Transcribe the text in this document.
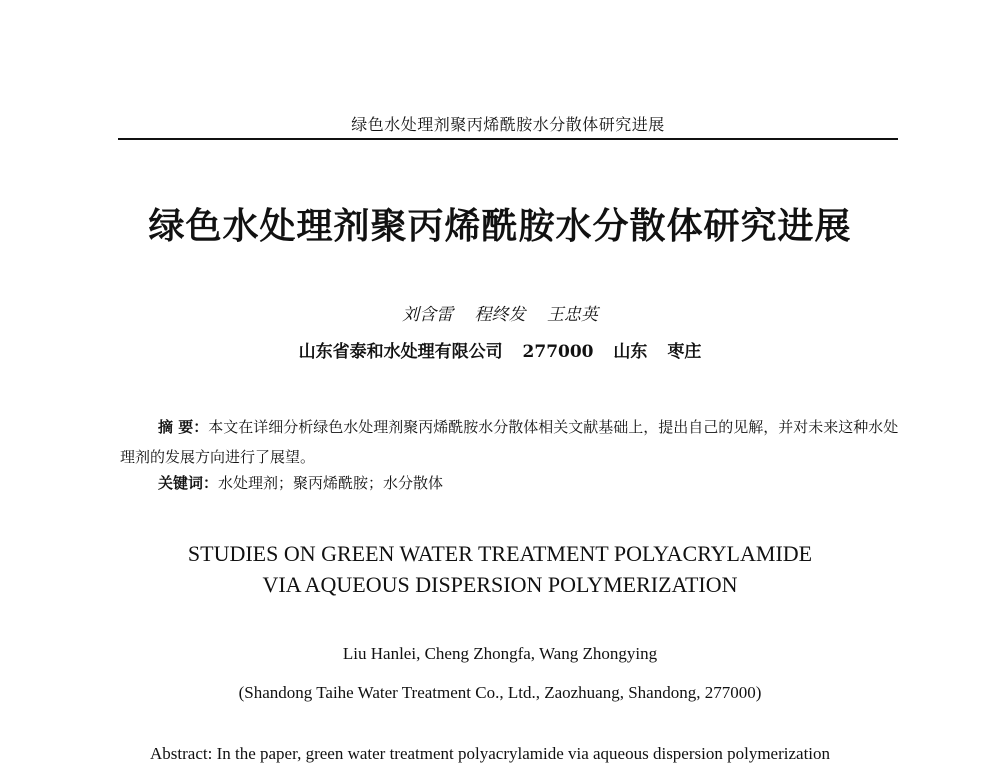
绿色水处理剂聚丙烯酰胺水分散体研究进展
绿色水处理剂聚丙烯酰胺水分散体研究进展
刘含雷 程终发 王忠英
山东省泰和水处理有限公司 277000 山东 枣庄
摘 要：本文在详细分析绿色水处理剂聚丙烯酰胺水分散体相关文献基础上，提出自己的见解，并对未来这种水处理剂的发展方向进行了展望。
关键词：水处理剂；聚丙烯酰胺；水分散体
STUDIES ON GREEN WATER TREATMENT POLYACRYLAMIDE
VIA AQUEOUS DISPERSION POLYMERIZATION
Liu Hanlei, Cheng Zhongfa, Wang Zhongying
(Shandong Taihe Water Treatment Co., Ltd., Zaozhuang, Shandong, 277000)
Abstract: In the paper, green water treatment polyacrylamide via aqueous dispersion polymerization
